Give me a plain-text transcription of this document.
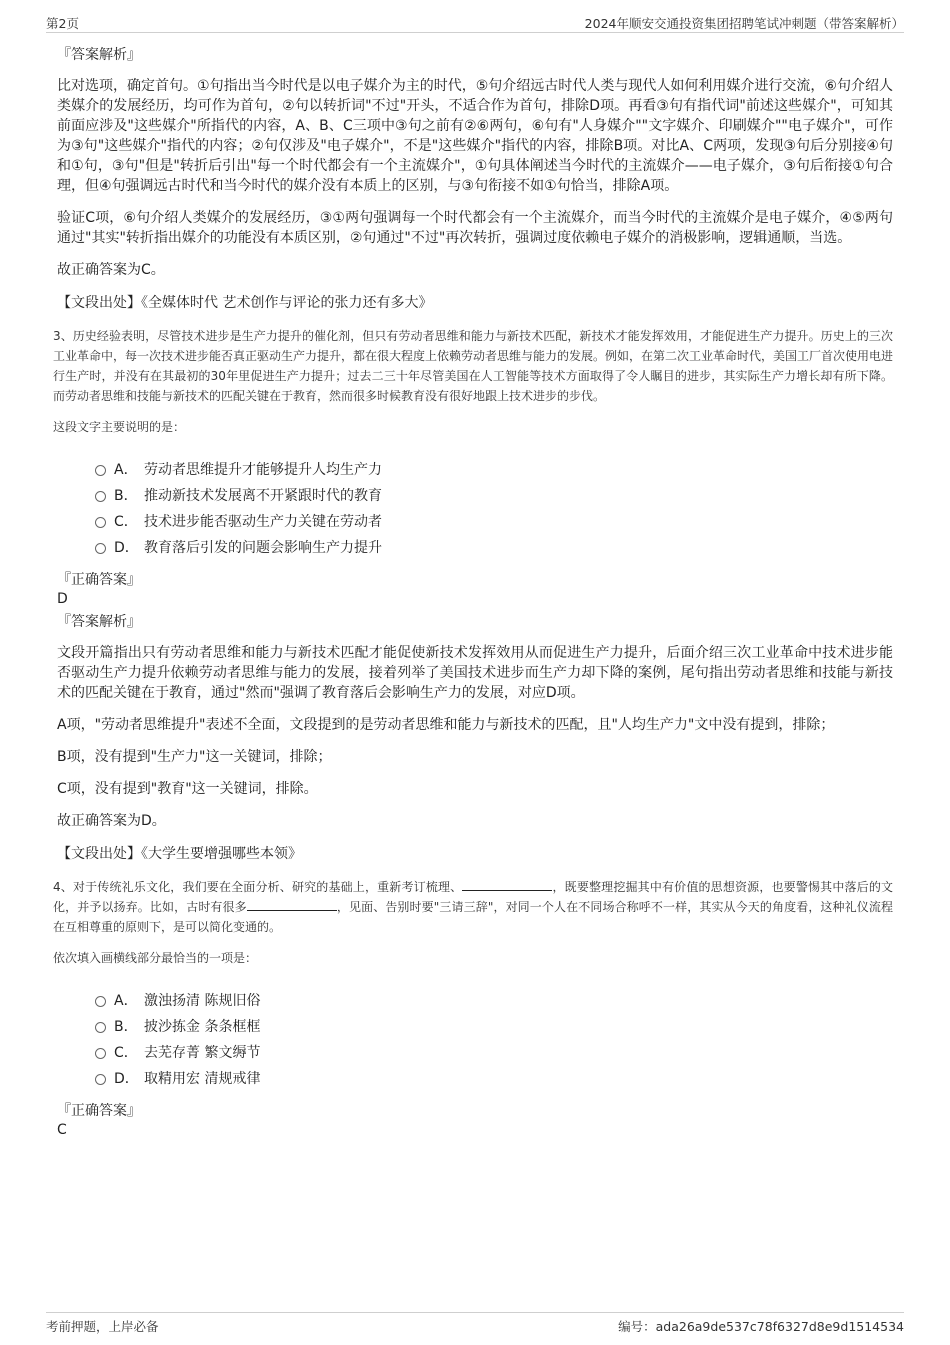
第2页	2024年顺安交通投资集团招聘笔试冲刺题（带答案解析）
『答案解析』

比对选项，确定首句。①句指出当今时代是以电子媒介为主的时代，⑤句介绍远古时代人类与现代人如何利用媒介进行交流，⑥句介绍人类媒介的发展经历，均可作为首句，②句以转折词"不过"开头，不适合作为首句，排除D项。再看③句有指代词"前述这些媒介"，可知其前面应涉及"这些媒介"所指代的内容，A、B、C三项中③句之前有②⑥两句，⑥句有"人身媒介""文字媒介、印刷媒介""电子媒介"，可作为③句"这些媒介"指代的内容；②句仅涉及"电子媒介"，不是"这些媒介"指代的内容，排除B项。对比A、C两项，发现③句后分别接④句和①句，③句"但是"转折后引出"每一个时代都会有一个主流媒介"，①句具体阐述当今时代的主流媒介——电子媒介，③句后衔接①句合理，但④句强调远古时代和当今时代的媒介没有本质上的区别，与③句衔接不如①句恰当，排除A项。

验证C项，⑥句介绍人类媒介的发展经历，③①两句强调每一个时代都会有一个主流媒介，而当今时代的主流媒介是电子媒介，④⑤两句通过"其实"转折指出媒介的功能没有本质区别，②句通过"不过"再次转折，强调过度依赖电子媒介的消极影响，逻辑通顺，当选。

故正确答案为C。

【文段出处】《全媒体时代 艺术创作与评论的张力还有多大》

3、历史经验表明，尽管技术进步是生产力提升的催化剂，但只有劳动者思维和能力与新技术匹配，新技术才能发挥效用，才能促进生产力提升。历史上的三次工业革命中，每一次技术进步能否真正驱动生产力提升，都在很大程度上依赖劳动者思维与能力的发展。例如，在第二次工业革命时代，美国工厂首次使用电进行生产时，并没有在其最初的30年里促进生产力提升；过去二三十年尽管美国在人工智能等技术方面取得了令人瞩目的进步，其实际生产力增长却有所下降。而劳动者思维和技能与新技术的匹配关键在于教育，然而很多时候教育没有很好地跟上技术进步的步伐。

这段文字主要说明的是：

A． 劳动者思维提升才能够提升人均生产力
B． 推动新技术发展离不开紧跟时代的教育
C． 技术进步能否驱动生产力关键在劳动者
D． 教育落后引发的问题会影响生产力提升
『正确答案』
D
『答案解析』

文段开篇指出只有劳动者思维和能力与新技术匹配才能促使新技术发挥效用从而促进生产力提升，后面介绍三次工业革命中技术进步能否驱动生产力提升依赖劳动者思维与能力的发展，接着列举了美国技术进步而生产力却下降的案例，尾句指出劳动者思维和技能与新技术的匹配关键在于教育，通过"然而"强调了教育落后会影响生产力的发展，对应D项。

A项，"劳动者思维提升"表述不全面，文段提到的是劳动者思维和能力与新技术的匹配，且"人均生产力"文中没有提到，排除；

B项，没有提到"生产力"这一关键词，排除；

C项，没有提到"教育"这一关键词，排除。

故正确答案为D。

【文段出处】《大学生要增强哪些本领》

4、对于传统礼乐文化，我们要在全面分析、研究的基础上，重新考订梳理、	，既要整理挖掘其中有价值的思想资源，也要警惕其中落后的文化，并予以扬弃。比如，古时有很多	，见面、告别时要"三请三辞"，对同一个人在不同场合称呼不一样，其实从今天的角度看，这种礼仪流程在互相尊重的原则下，是可以简化变通的。

依次填入画横线部分最恰当的一项是：

A． 激浊扬清 陈规旧俗
B． 披沙拣金 条条框框
C． 去芜存菁 繁文缛节
D． 取精用宏 清规戒律
『正确答案』
C
考前押题，上岸必备	编号：ada26a9de537c78f6327d8e9d1514534
